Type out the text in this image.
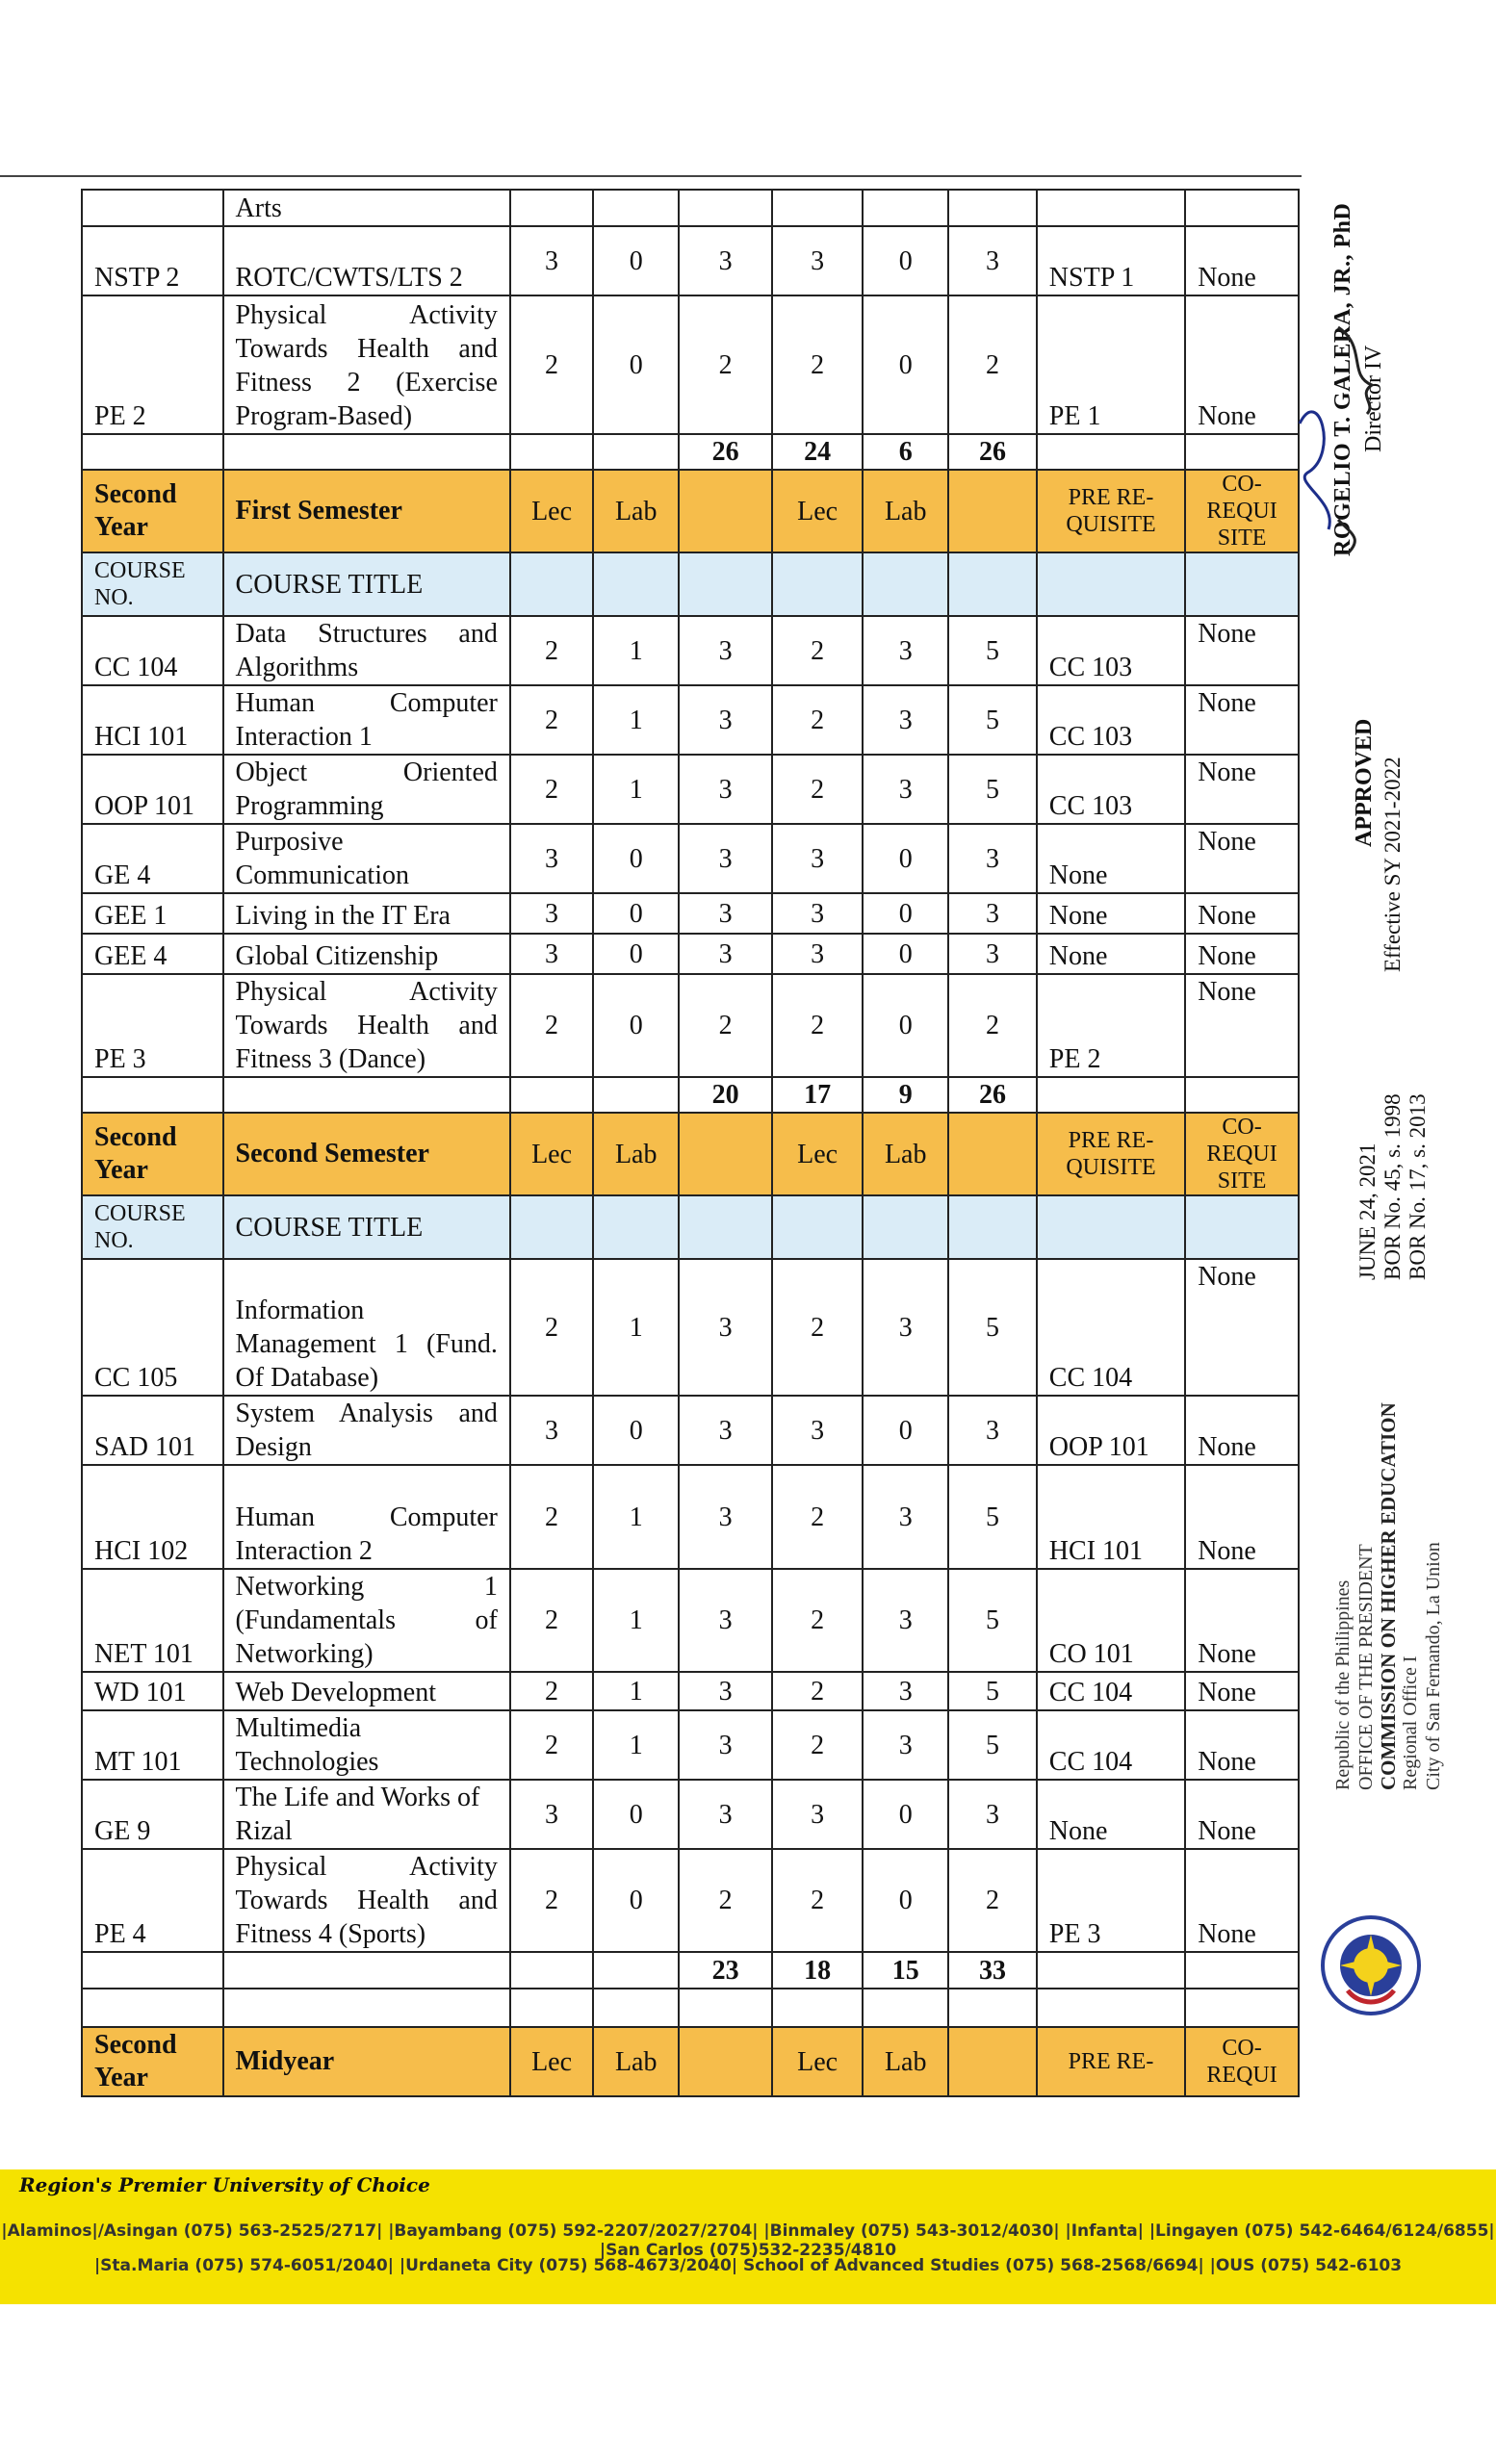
	Arts								
NSTP 2	ROTC/CWTS/LTS 2	3	0	3	3	0	3	NSTP 1	None
PE 2	Physical Activity Towards Health and Fitness 2 (Exercise Program-Based)	2	0	2	2	0	2	PE 1	None
				26	24	6	26		
Second Year	First Semester	Lec	Lab		Lec	Lab		PRE RE-QUISITE	CO-REQUI SITE
COURSE NO.	COURSE TITLE								
CC 104	Data Structures and Algorithms	2	1	3	2	3	5	CC 103	None
HCI 101	Human Computer Interaction 1	2	1	3	2	3	5	CC 103	None
OOP 101	Object Oriented Programming	2	1	3	2	3	5	CC 103	None
GE 4	Purposive Communication	3	0	3	3	0	3	None	None
GEE 1	Living in the IT Era	3	0	3	3	0	3	None	None
GEE 4	Global Citizenship	3	0	3	3	0	3	None	None
PE 3	Physical Activity Towards Health and Fitness 3 (Dance)	2	0	2	2	0	2	PE 2	None
				20	17	9	26		
Second Year	Second Semester	Lec	Lab		Lec	Lab		PRE RE-QUISITE	CO-REQUI SITE
COURSE NO.	COURSE TITLE								
CC 105	Information Management 1 (Fund. Of Database)	2	1	3	2	3	5	CC 104	None
SAD 101	System Analysis and Design	3	0	3	3	0	3	OOP 101	None
HCI 102	Human Computer Interaction 2	2	1	3	2	3	5	HCI 101	None
NET 101	Networking 1 (Fundamentals of Networking)	2	1	3	2	3	5	CO 101	None
WD 101	Web Development	2	1	3	2	3	5	CC 104	None
MT 101	Multimedia Technologies	2	1	3	2	3	5	CC 104	None
GE 9	The Life and Works of Rizal	3	0	3	3	0	3	None	None
PE 4	Physical Activity Towards Health and Fitness 4 (Sports)	2	0	2	2	0	2	PE 3	None
				23	18	15	33		

Second Year	Midyear	Lec	Lab		Lec	Lab		PRE RE-	CO-REQUI
ROGELIO T. GALERA, JR., PhD Director IV
APPROVED Effective SY 2021-2022
JUNE 24, 2021 BOR No. 45, s. 1998 BOR No. 17, s. 2013
Republic of the Philippines OFFICE OF THE PRESIDENT COMMISSION ON HIGHER EDUCATION Regional Office I City of San Fernando, La Union
Region's Premier University of Choice
|Alaminos|/Asingan (075) 563-2525/2717| |Bayambang (075) 592-2207/2027/2704| |Binmaley (075) 543-3012/4030| |Infanta| |Lingayen (075) 542-6464/6124/6855| |San Carlos (075)532-2235/4810
|Sta.Maria (075) 574-6051/2040| |Urdaneta City (075) 568-4673/2040| School of Advanced Studies (075) 568-2568/6694| |OUS (075) 542-6103
